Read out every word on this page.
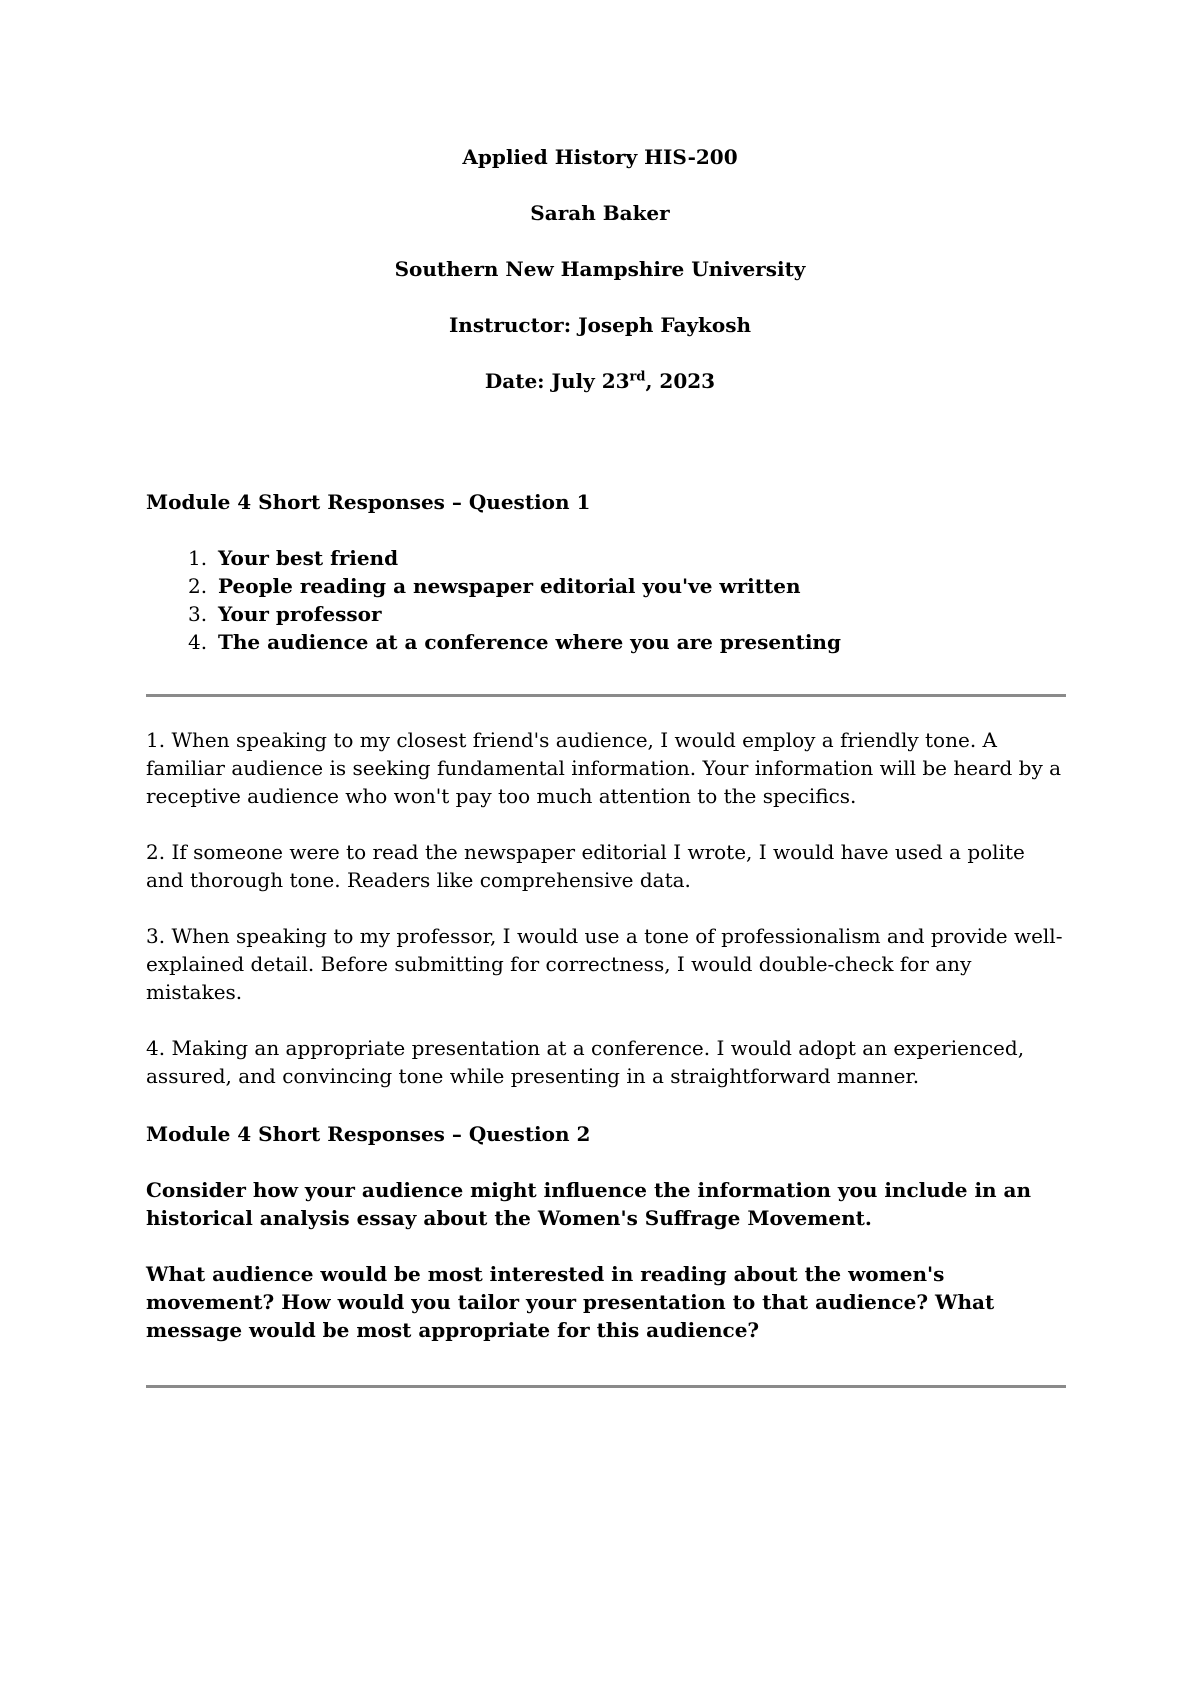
Applied History HIS-200
Sarah Baker
Southern New Hampshire University
Instructor: Joseph Faykosh
Date: July 23rd, 2023

Module 4 Short Responses – Question 1

1. Your best friend
2. People reading a newspaper editorial you've written
3. Your professor
4. The audience at a conference where you are presenting

1. When speaking to my closest friend's audience, I would employ a friendly tone. A familiar audience is seeking fundamental information. Your information will be heard by a receptive audience who won't pay too much attention to the specifics.

2. If someone were to read the newspaper editorial I wrote, I would have used a polite and thorough tone. Readers like comprehensive data.

3. When speaking to my professor, I would use a tone of professionalism and provide well-explained detail. Before submitting for correctness, I would double-check for any mistakes.

4. Making an appropriate presentation at a conference. I would adopt an experienced, assured, and convincing tone while presenting in a straightforward manner.

Module 4 Short Responses – Question 2

Consider how your audience might influence the information you include in an historical analysis essay about the Women's Suffrage Movement.

What audience would be most interested in reading about the women's movement? How would you tailor your presentation to that audience? What message would be most appropriate for this audience?
